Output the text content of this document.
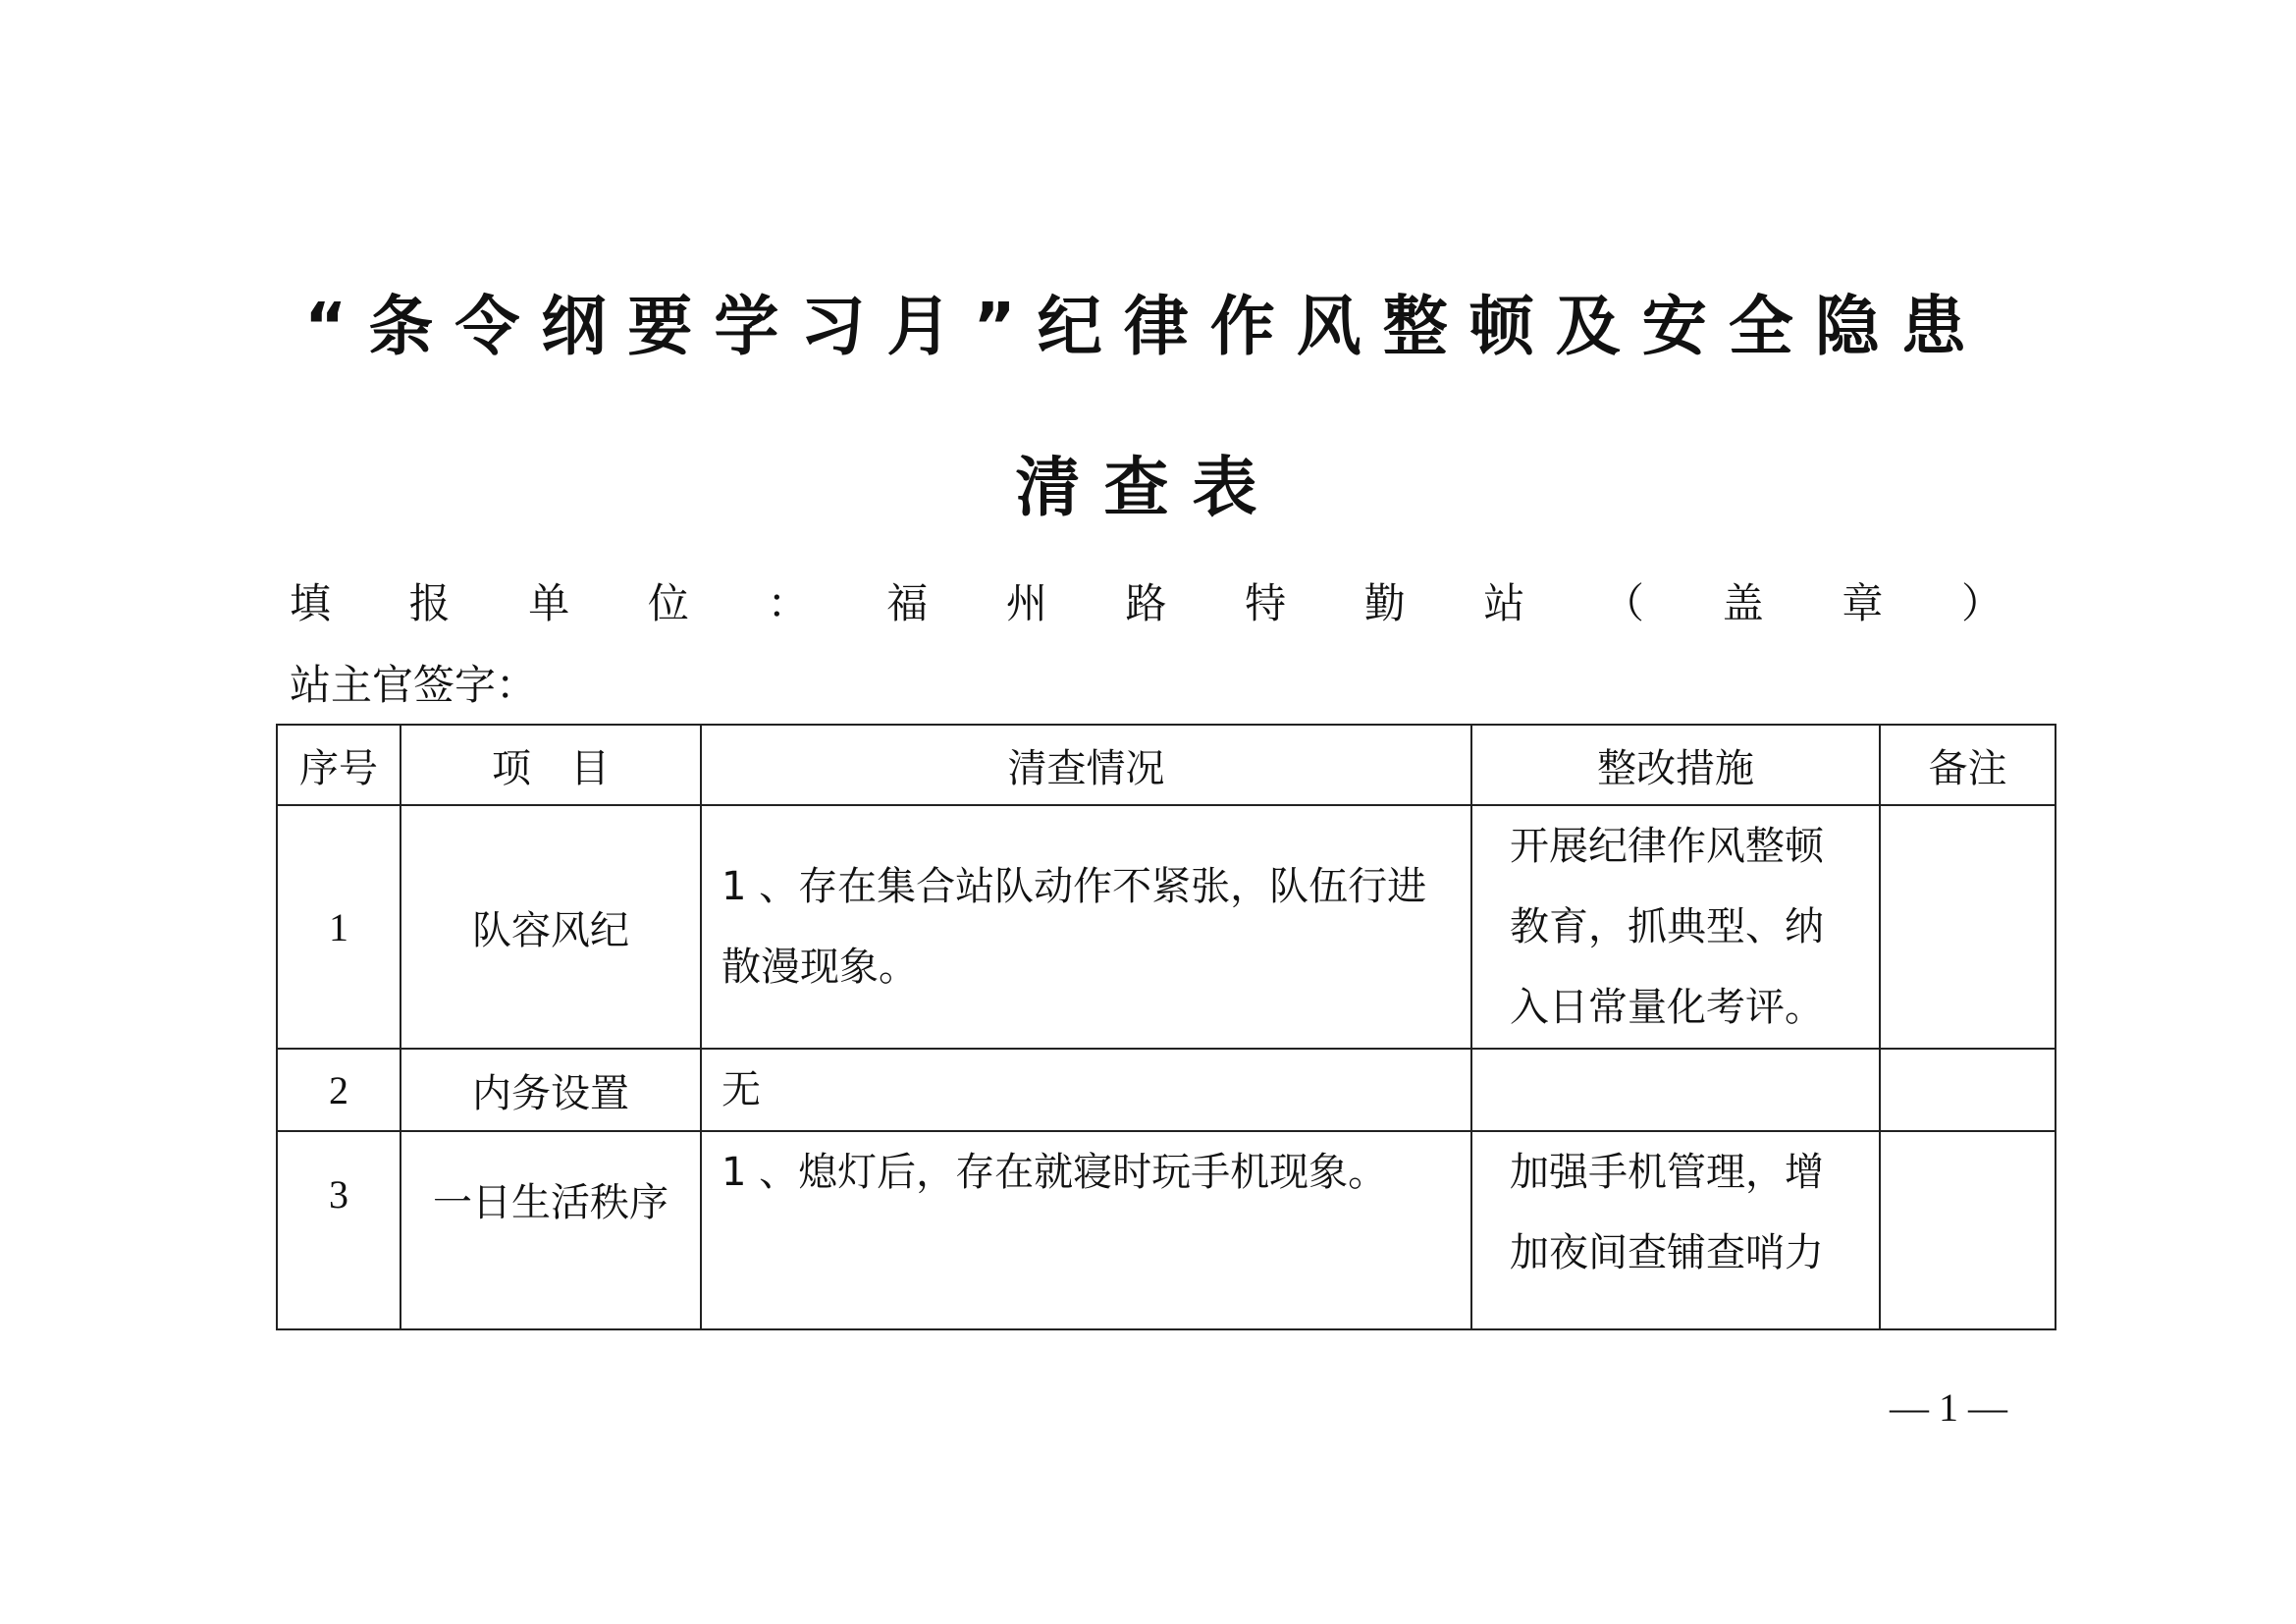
“条令纲要学习月”纪律作风整顿及安全隐患
清查表
填 报 单 位 ： 福 州 路 特 勤 站 （ 盖 章 ）
站主官签字：
序号	项　目	清查情况	整改措施	备注
1	队容风纪	1 、存在集合站队动作不紧张，队伍行进散漫现象。	开展纪律作风整顿教育，抓典型、纳入日常量化考评。	
2	内务设置	无		
3	一日生活秩序	1 、熄灯后，存在就寝时玩手机现象。	加强手机管理，增加夜间查铺查哨力	
— 1 —
